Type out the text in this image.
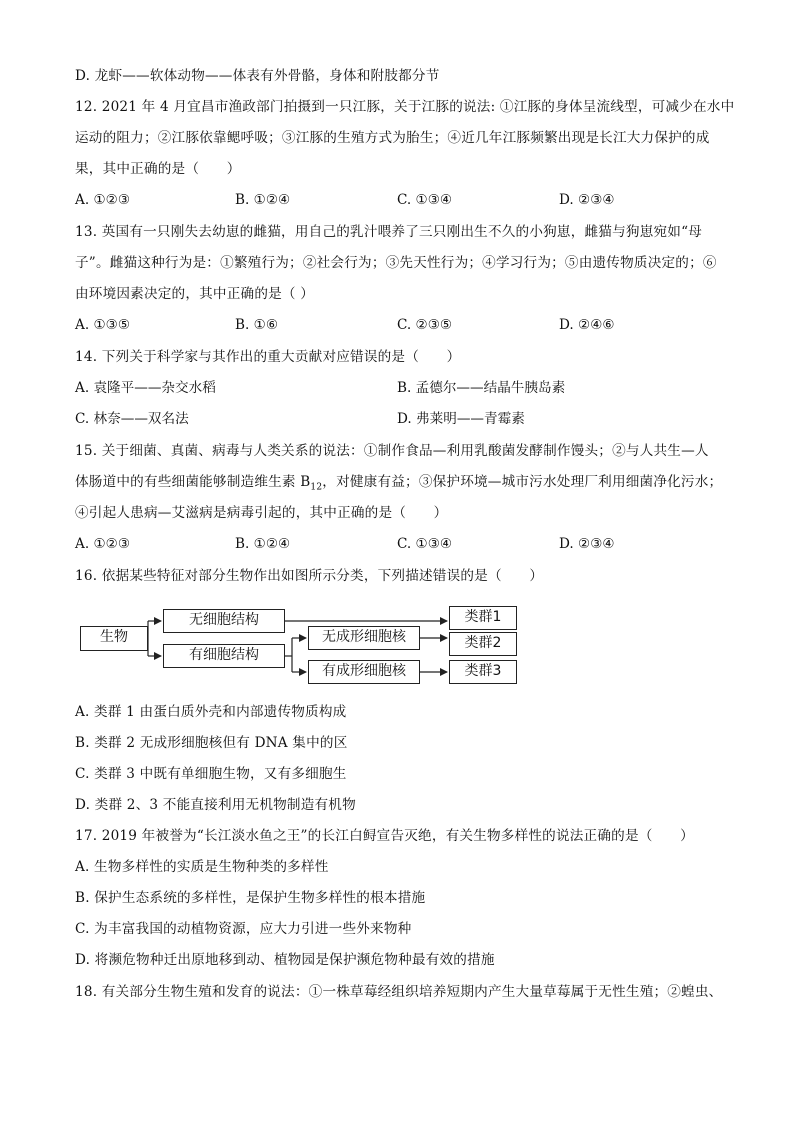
D. 龙虾——软体动物——体表有外骨骼，身体和附肢都分节
12. 2021 年 4 月宜昌市渔政部门拍摄到一只江豚，关于江豚的说法: ①江豚的身体呈流线型，可减少在水中
运动的阻力；②江豚依靠鳃呼吸；③江豚的生殖方式为胎生；④近几年江豚频繁出现是长江大力保护的成
果，其中正确的是（　　）
A. ①②③	B. ①②④	C. ①③④	D. ②③④
13. 英国有一只刚失去幼崽的雌猫，用自己的乳汁喂养了三只刚出生不久的小狗崽，雌猫与狗崽宛如“母
子”。雌猫这种行为是：①繁殖行为；②社会行为；③先天性行为；④学习行为；⑤由遗传物质决定的；⑥
由环境因素决定的，其中正确的是（ ）
A. ①③⑤	B. ①⑥	C. ②③⑤	D. ②④⑥
14. 下列关于科学家与其作出的重大贡献对应错误的是（　　）
A. 袁隆平——杂交水稻	B. 孟德尔——结晶牛胰岛素
C. 林奈——双名法	D. 弗莱明——青霉素
15. 关于细菌、真菌、病毒与人类关系的说法：①制作食品—利用乳酸菌发酵制作馒头；②与人共生—人
体肠道中的有些细菌能够制造维生素 $B_{12}$，对健康有益；③保护环境—城市污水处理厂利用细菌净化污水；
④引起人患病—艾滋病是病毒引起的，其中正确的是（　　）
A. ①②③	B. ①②④	C. ①③④	D. ②③④
16. 依据某些特征对部分生物作出如图所示分类，下列描述错误的是（　　）
生物
无细胞结构
有细胞结构
无成形细胞核
有成形细胞核
类群1
类群2
类群3
A. 类群 1 由蛋白质外壳和内部遗传物质构成
B. 类群 2 无成形细胞核但有 DNA 集中的区
C. 类群 3 中既有单细胞生物，又有多细胞生
D. 类群 2、3 不能直接利用无机物制造有机物
17. 2019 年被誉为“长江淡水鱼之王”的长江白鲟宣告灭绝，有关生物多样性的说法正确的是（　　）
A. 生物多样性的实质是生物种类的多样性
B. 保护生态系统的多样性，是保护生物多样性的根本措施
C. 为丰富我国的动植物资源，应大力引进一些外来物种
D. 将濒危物种迁出原地移到动、植物园是保护濒危物种最有效的措施
18. 有关部分生物生殖和发育的说法：①一株草莓经组织培养短期内产生大量草莓属于无性生殖；②蝗虫、
